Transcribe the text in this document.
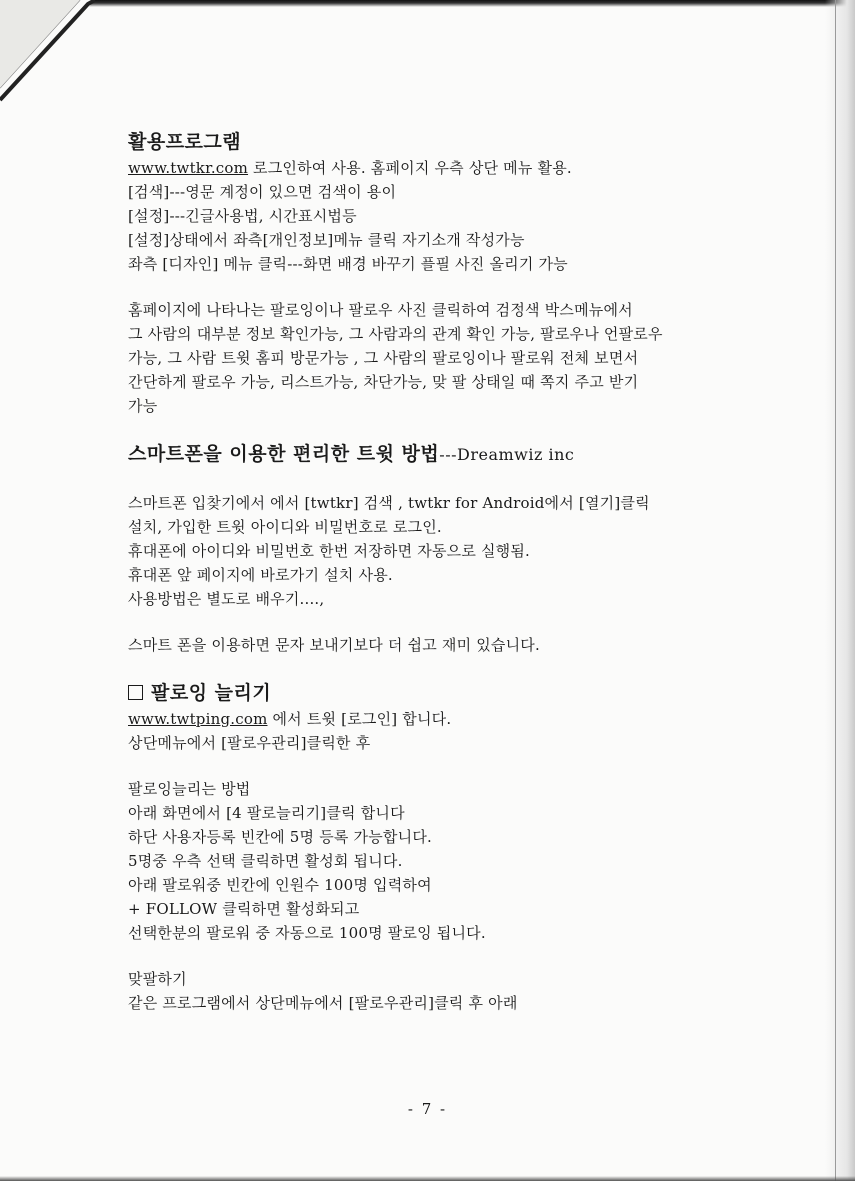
활용프로그램
www.twtkr.com 로그인하여 사용. 홈페이지 우측 상단 메뉴 활용.
[검색]---영문 계정이 있으면 검색이 용이
[설정]---긴글사용법, 시간표시법등
[설정]상태에서 좌측[개인정보]메뉴 클릭 자기소개 작성가능
좌측 [디자인] 메뉴 클릭---화면 배경 바꾸기 플필 사진 올리기 가능
홈페이지에 나타나는 팔로잉이나 팔로우 사진 클릭하여 검정색 박스메뉴에서
그 사람의 대부분 정보 확인가능, 그 사람과의 관계 확인 가능, 팔로우나 언팔로우
가능, 그 사람 트윗 홈피 방문가능 , 그 사람의 팔로잉이나 팔로워 전체 보면서
간단하게 팔로우 가능, 리스트가능, 차단가능, 맞 팔 상태일 때 쪽지 주고 받기
가능
스마트폰을 이용한 편리한 트윗 방법---Dreamwiz inc
스마트폰 입찾기에서 에서 [twtkr] 검색 , twtkr for Android에서 [열기]클릭
설치, 가입한 트윗 아이디와 비밀번호로 로그인.
휴대폰에 아이디와 비밀번호 한번 저장하면 자동으로 실행됨.
휴대폰 앞 페이지에 바로가기 설치 사용.
사용방법은 별도로 배우기....,
스마트 폰을 이용하면 문자 보내기보다 더 쉽고 재미 있습니다.
팔로잉 늘리기
www.twtping.com 에서 트윗 [로그인] 합니다.
상단메뉴에서 [팔로우관리]클릭한 후
팔로잉늘리는 방법
아래 화면에서 [4 팔로늘리기]클릭 합니다
하단 사용자등록 빈칸에 5명 등록 가능합니다.
5명중 우측 선택 클릭하면 활성회 됩니다.
아래 팔로워중 빈칸에 인원수 100명 입력하여
+ FOLLOW 클릭하면 활성화되고
선택한분의 팔로워 중 자동으로 100명 팔로잉 됩니다.
맞팔하기
같은 프로그램에서 상단메뉴에서 [팔로우관리]클릭 후 아래
- 7 -
